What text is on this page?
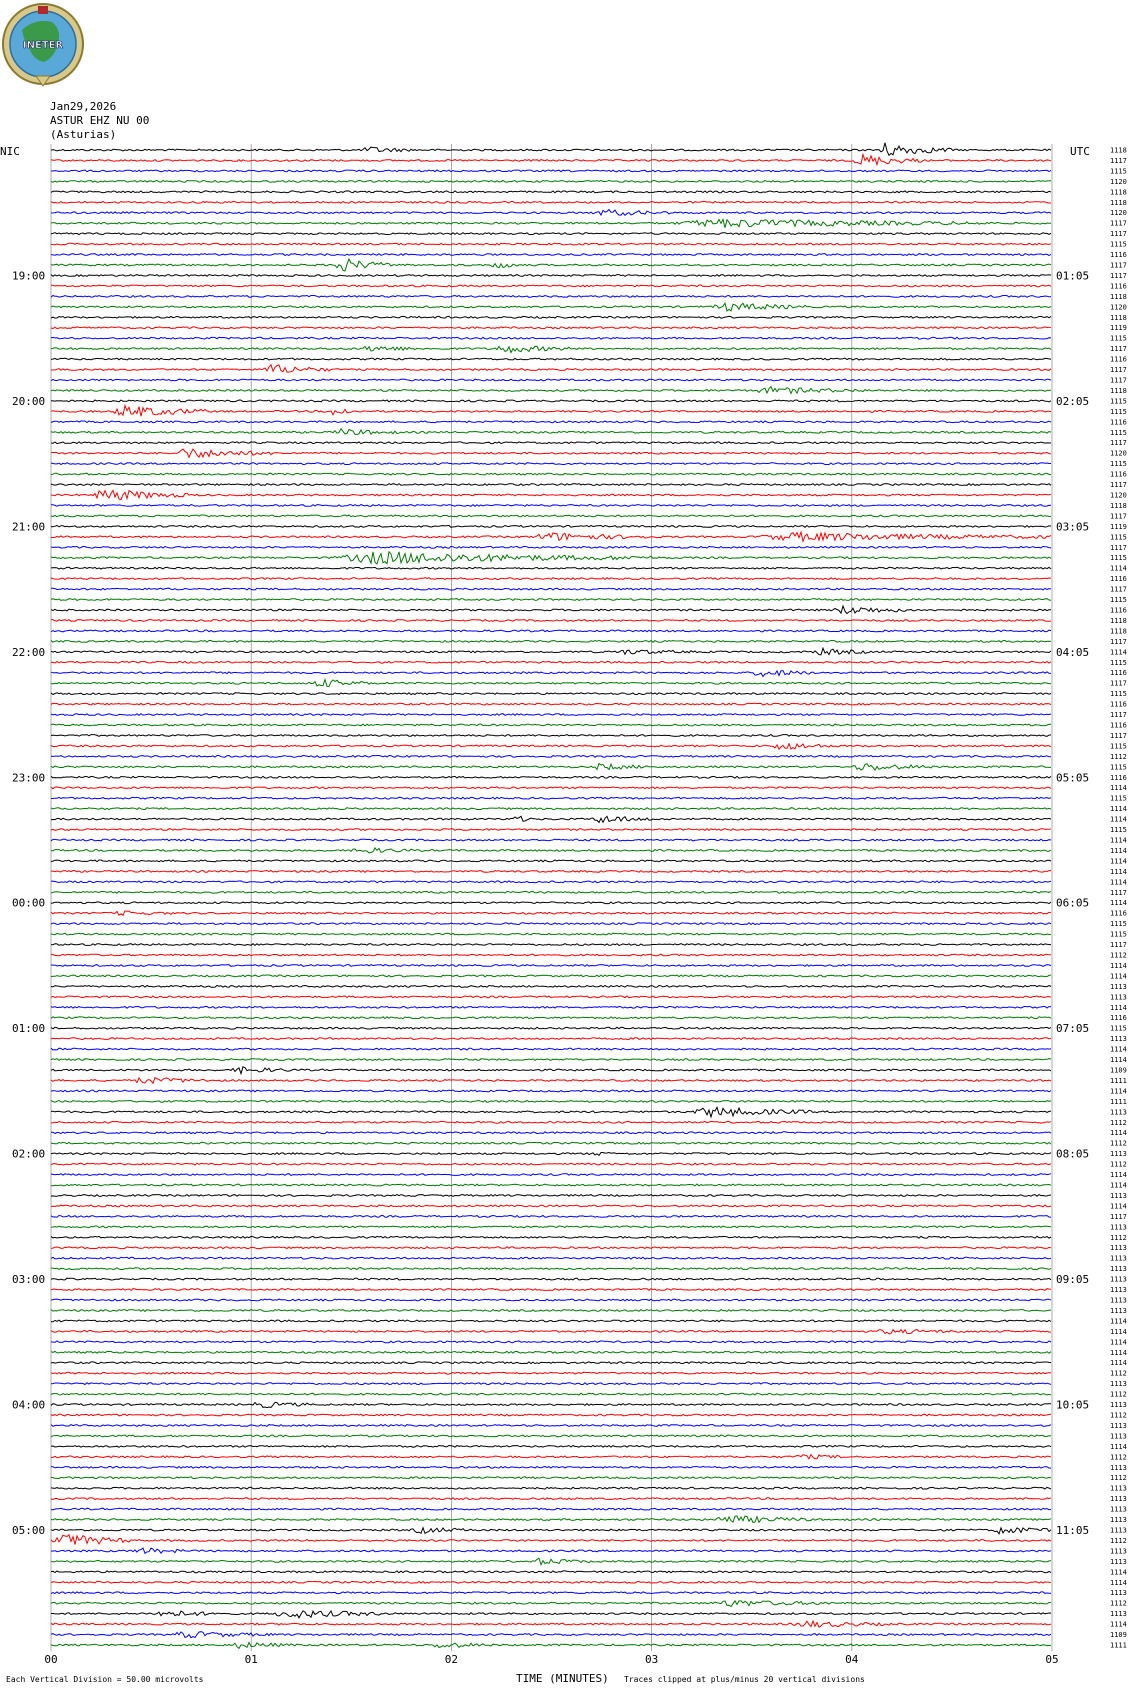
INETER
Jan29,2026
ASTUR EHZ NU 00
(Asturias)
NIC	UTC	1118
1117
1115
1120
1118
1118
1120
1117
1117
1115
1116
1117
1117
1116
1118
1120
1118
1119
1115
1117
1116
1117
1117
1118
1115
1115
1116
1115
1117
1120
1115
1116
1117
1120
1118
1117
1119
1115
1117
1115
1114
1116
1117
1115
1116
1118
1118
1117
1114
1115
1116
1117
1115
1116
1117
1116
1117
1115
1112
1115
1116
1114
1115
1114
1114
1115
1114
1114
1114
1114
1114
1117
1114
1116
1115
1115
1117
1112
1114
1114
1113
1113
1114
1116
1115
1113
1114
1114
1109
1111
1114
1111
1113
1112
1114
1112
1113
1112
1114
1114
1113
1114
1117
1113
1112
1113
1113
1113
1113
1113
1113
1113
1114
1114
1114
1114
1114
1112
1113
1112
1113
1112
1113
1113
1114
1112
1113
1112
1113
1113
1113
1113
1113
1112
1113
1113
1114
1114
1113
1112
1113
1114
1109
1111
19:00
20:00
21:00
22:00
23:00
00:00
01:00
02:00
03:00
04:00
05:00
01:05
02:05
03:05
04:05
05:05
06:05
07:05
08:05
09:05
10:05
11:05
00	01	02	03	04	05
Each Vertical Division = 50.00 microvolts	TIME (MINUTES) Traces clipped at plus/minus 20 vertical divisions
